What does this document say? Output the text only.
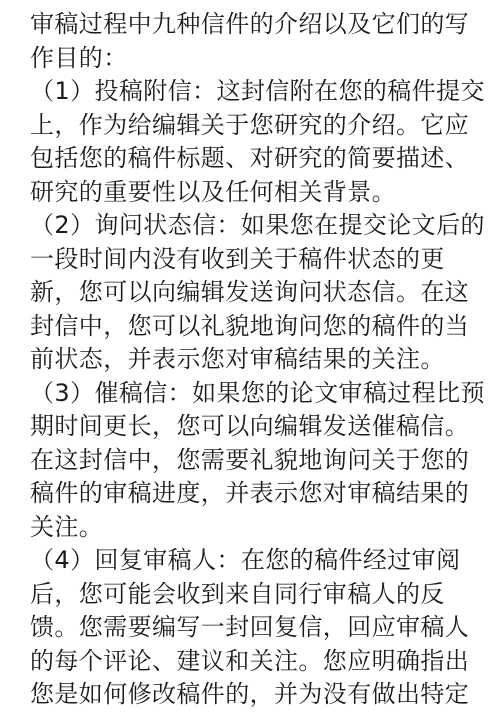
审稿过程中九种信件的介绍以及它们的写
作目的：
（1）投稿附信：这封信附在您的稿件提交
上，作为给编辑关于您研究的介绍。它应
包括您的稿件标题、对研究的简要描述、
研究的重要性以及任何相关背景。
（2）询问状态信：如果您在提交论文后的
一段时间内没有收到关于稿件状态的更
新，您可以向编辑发送询问状态信。在这
封信中，您可以礼貌地询问您的稿件的当
前状态，并表示您对审稿结果的关注。
（3）催稿信：如果您的论文审稿过程比预
期时间更长，您可以向编辑发送催稿信。
在这封信中，您需要礼貌地询问关于您的
稿件的审稿进度，并表示您对审稿结果的
关注。
（4）回复审稿人：在您的稿件经过审阅
后，您可能会收到来自同行审稿人的反
馈。您需要编写一封回复信，回应审稿人
的每个评论、建议和关注。您应明确指出
您是如何修改稿件的，并为没有做出特定
